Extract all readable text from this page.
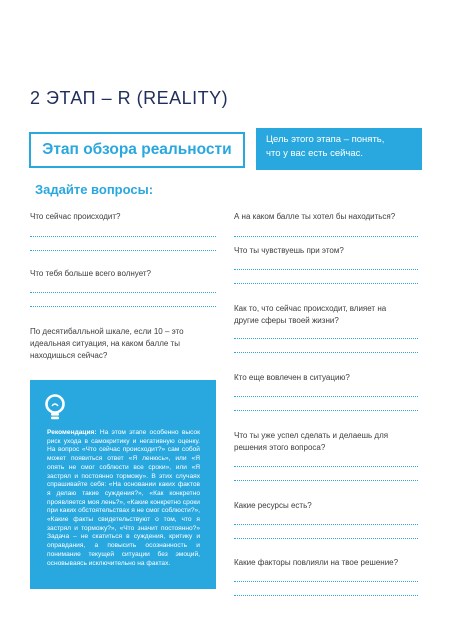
2 ЭТАП – R (REALITY)
Этап обзора реальности
Цель этого этапа – понять,
что у вас есть сейчас.
Задайте вопросы:
Что сейчас происходит?
Что тебя больше всего волнует?
По десятибалльной шкале, если 10 – это
идеальная ситуация, на каком балле ты
находишься сейчас?
Рекомендация: На этом этапе особенно высок риск ухода в самокритику и негативную оценку. На вопрос «Что сейчас происходит?» сам собой может появиться ответ «Я ленюсь», или «Я опять не смог соблюсти все сроки», или «Я застрял и постоянно торможу». В этих случаях спрашивайте себя: «На основании каких фактов я делаю такие суждения?», «Как конкретно проявляется моя лень?», «Какие конкретно сроки при каких обстоятельствах я не смог соблюсти?», «Какие факты свидетельствуют о том, что я застрял и торможу?», «Что значит постоянно?» Задача – не скатиться в суждения, критику и оправдания, а повысить осознанность и понимание текущей ситуации без эмоций, основываясь исключительно на фактах.
А на каком балле ты хотел бы находиться?
Что ты чувствуешь при этом?
Как то, что сейчас происходит, влияет на
другие сферы твоей жизни?
Кто еще вовлечен в ситуацию?
Что ты уже успел сделать и делаешь для
решения этого вопроса?
Какие ресурсы есть?
Какие факторы повлияли на твое решение?
